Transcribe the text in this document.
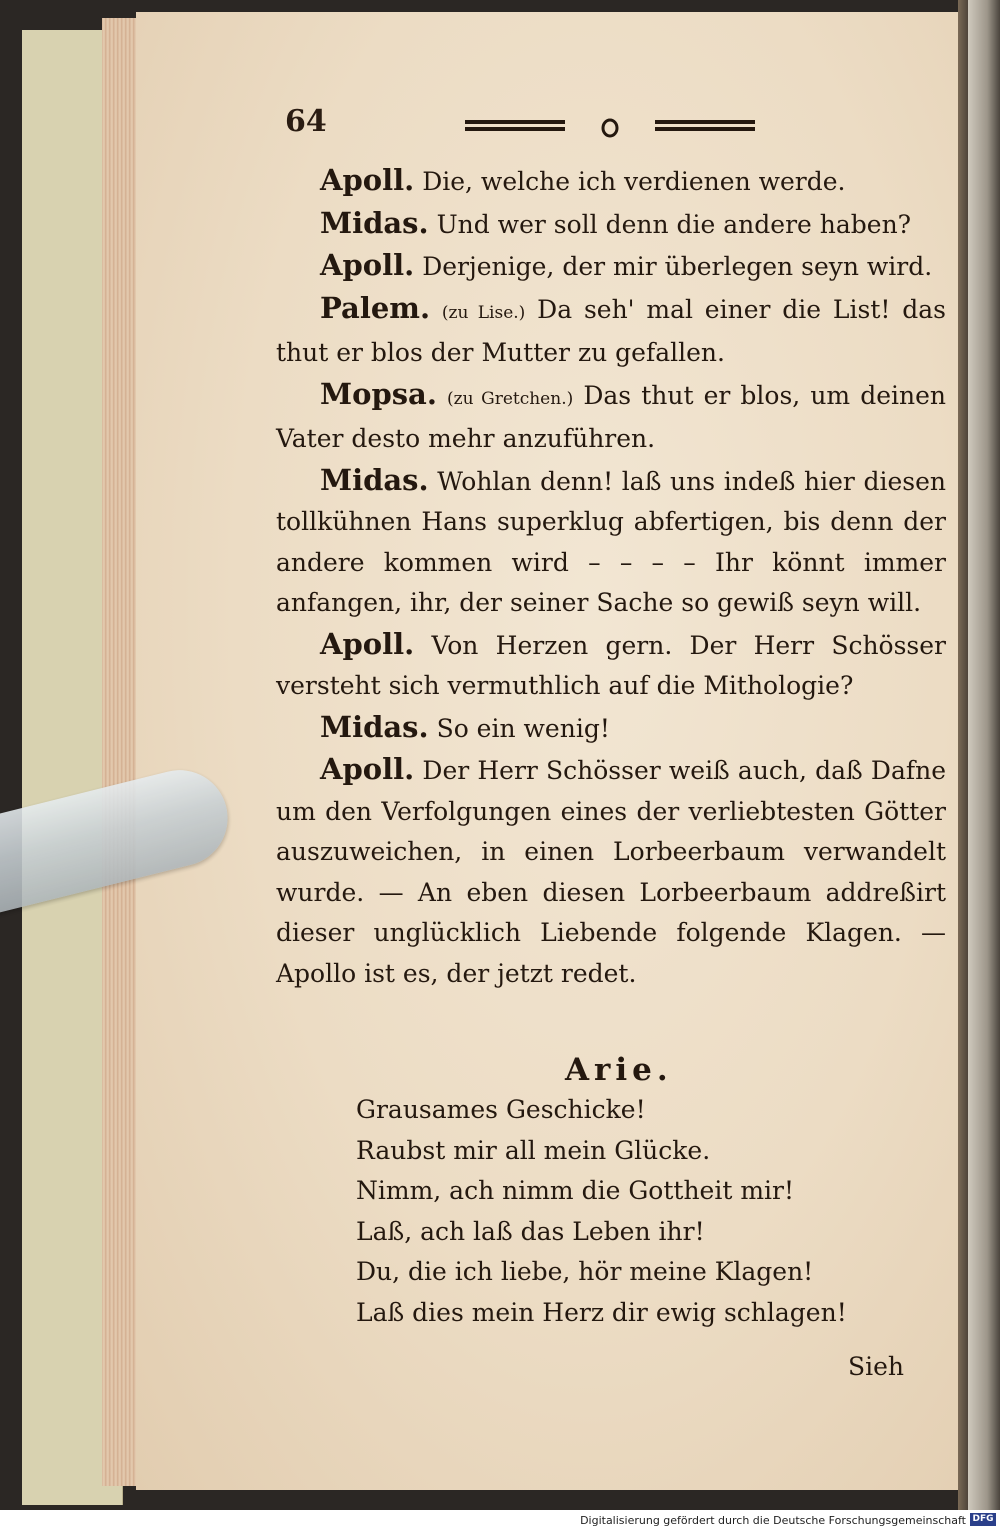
64

Apoll. Die, welche ich verdienen werde.

Midas. Und wer soll denn die andere haben?

Apoll. Derjenige, der mir überlegen seyn wird.

Palem. (zu Lise.) Da seh' mal einer die List! das thut er blos der Mutter zu gefallen.

Mopsa. (zu Gretchen.) Das thut er blos, um deinen Vater desto mehr anzuführen.

Midas. Wohlan denn! laß uns indeß hier diesen tollkühnen Hans superklug abfertigen, bis denn der andere kommen wird – – – – Ihr könnt immer anfangen, ihr, der seiner Sache so gewiß seyn will.

Apoll. Von Herzen gern. Der Herr Schösser versteht sich vermuthlich auf die Mithologie?

Midas. So ein wenig!

Apoll. Der Herr Schösser weiß auch, daß Dafne um den Verfolgungen eines der verliebtesten Götter auszuweichen, in einen Lorbeerbaum verwandelt wurde. — An eben diesen Lorbeerbaum addreßirt dieser unglücklich Liebende folgende Klagen. — Apollo ist es, der jetzt redet.

Arie.
Grausames Geschicke!
Raubst mir all mein Glücke.
Nimm, ach nimm die Gottheit mir!
Laß, ach laß das Leben ihr!
Du, die ich liebe, hör meine Klagen!
Laß dies mein Herz dir ewig schlagen!
Sieh
Digitalisierung gefördert durch die Deutsche Forschungsgemeinschaft DFG
